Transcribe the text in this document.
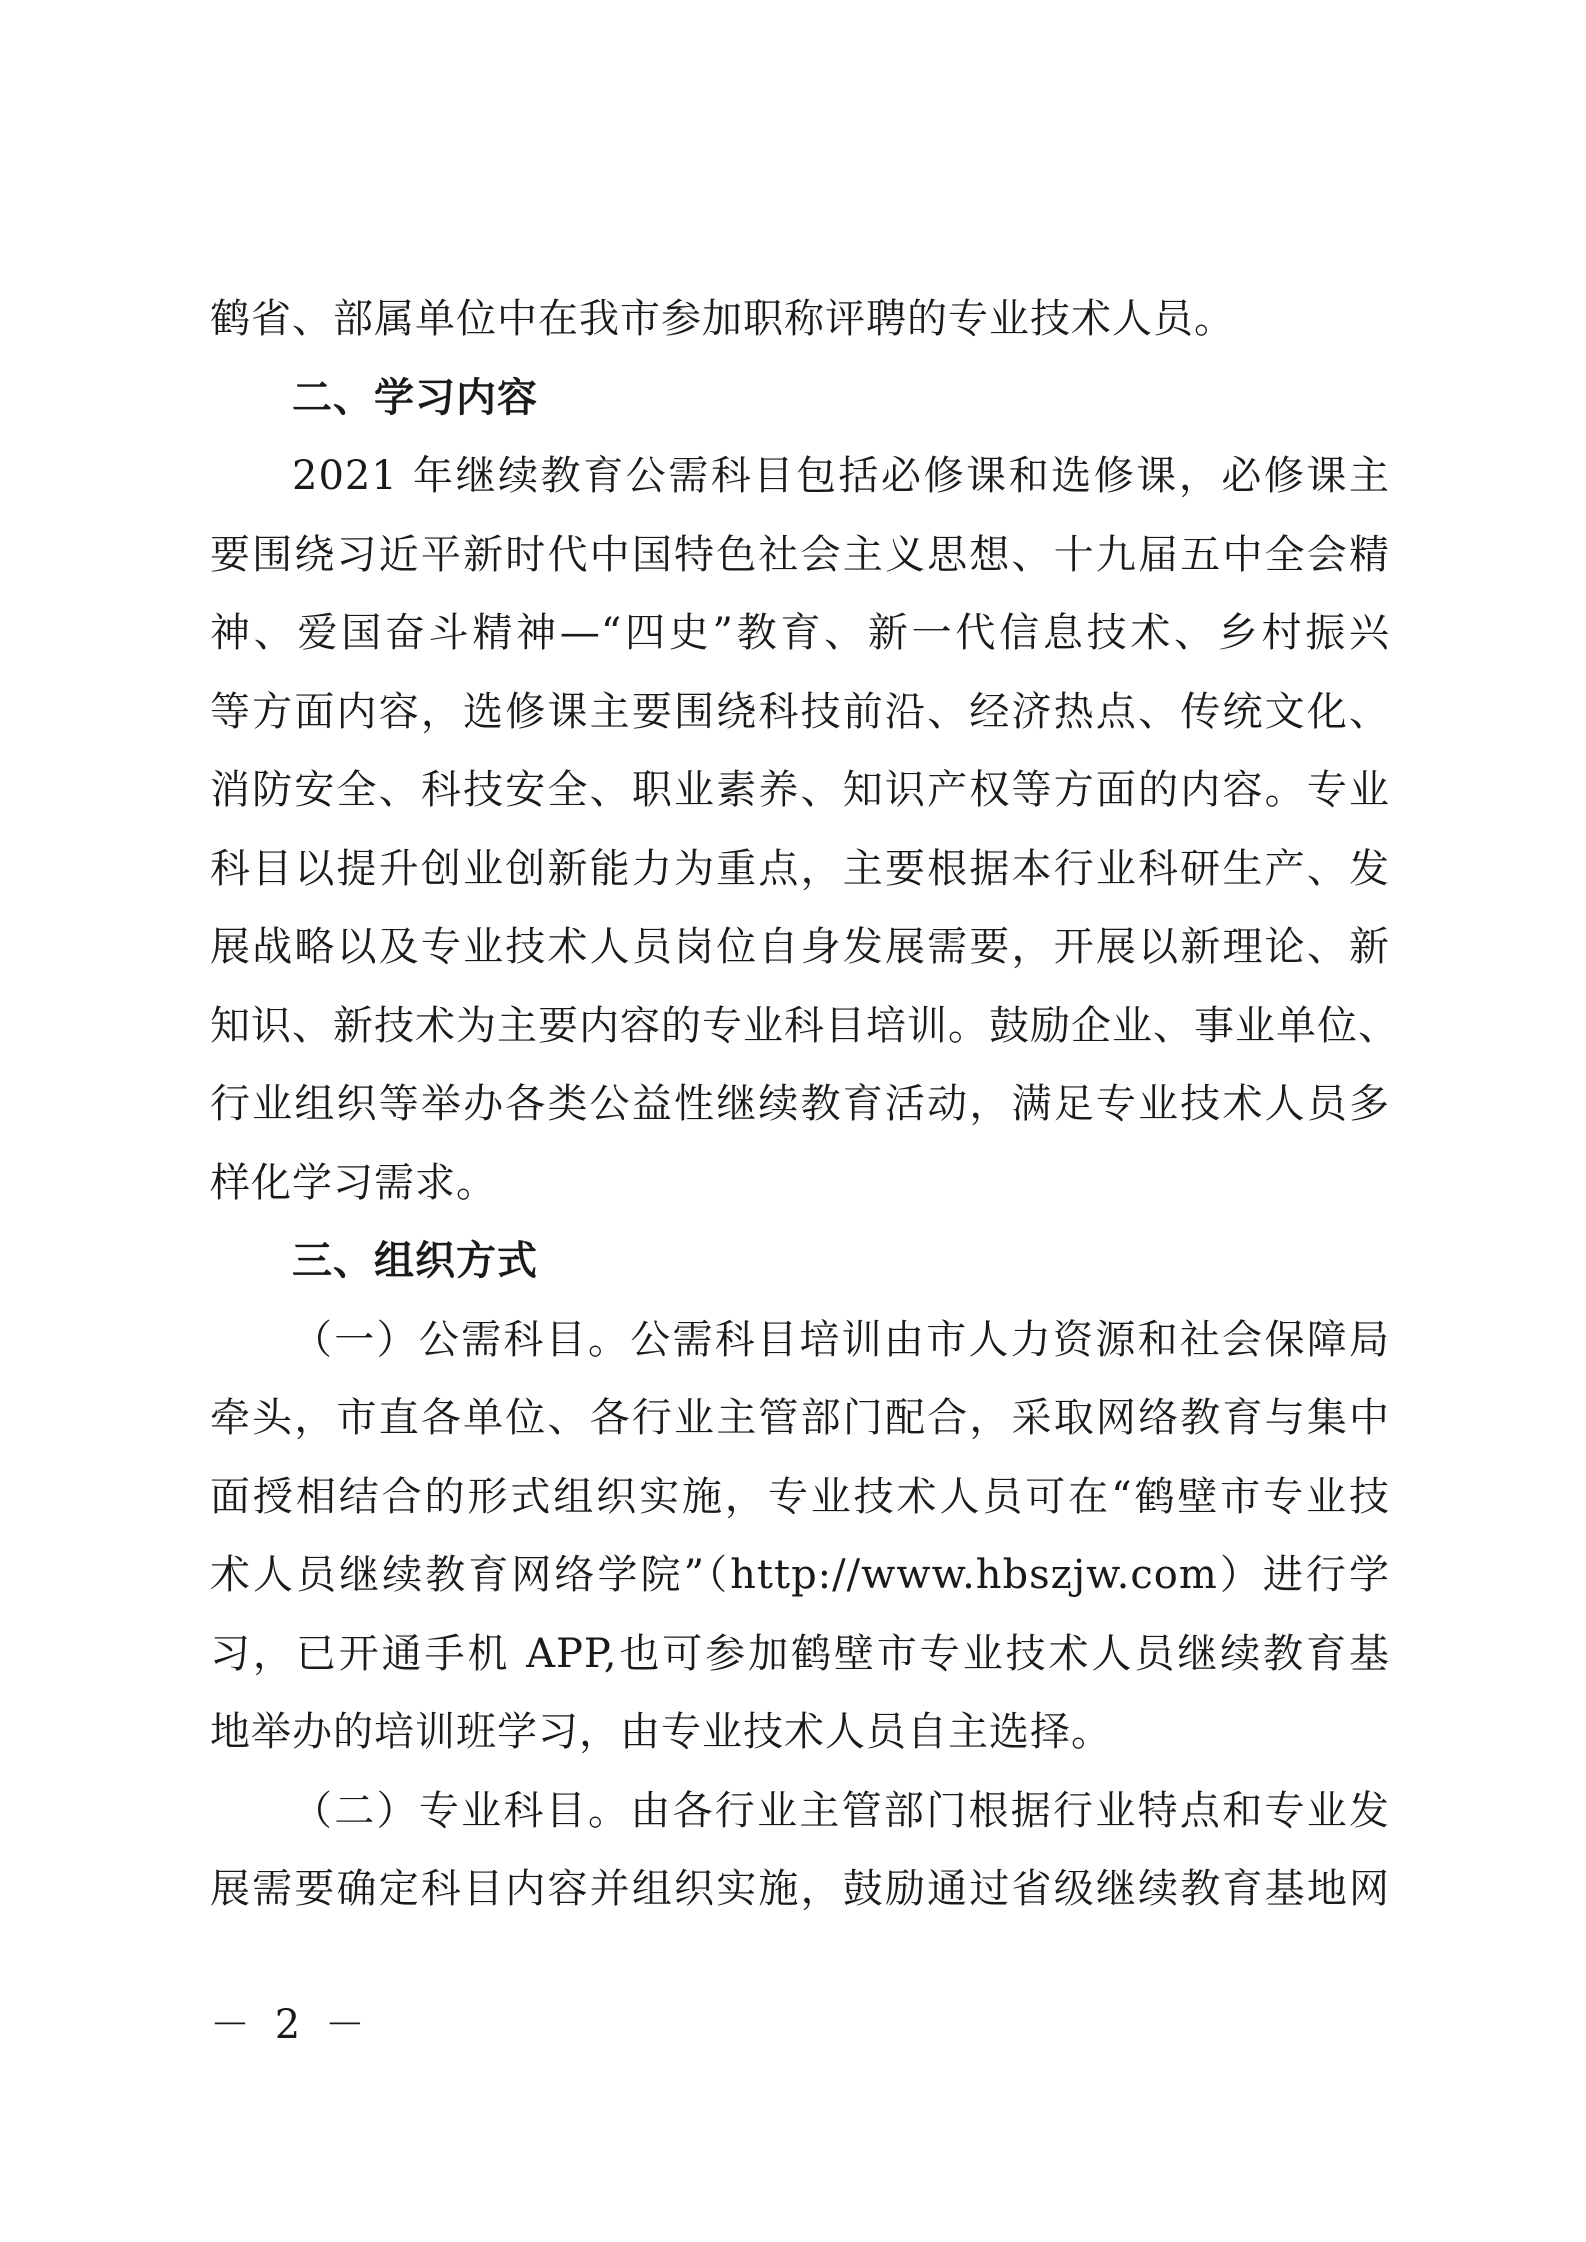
鹤省、部属单位中在我市参加职称评聘的专业技术人员。
二、学习内容
2021 年继续教育公需科目包括必修课和选修课，必修课主
要围绕习近平新时代中国特色社会主义思想、十九届五中全会精
神、爱国奋斗精神—“四史”教育、新一代信息技术、乡村振兴
等方面内容，选修课主要围绕科技前沿、经济热点、传统文化、
消防安全、科技安全、职业素养、知识产权等方面的内容。专业
科目以提升创业创新能力为重点，主要根据本行业科研生产、发
展战略以及专业技术人员岗位自身发展需要，开展以新理论、新
知识、新技术为主要内容的专业科目培训。鼓励企业、事业单位、
行业组织等举办各类公益性继续教育活动，满足专业技术人员多
样化学习需求。
三、组织方式
（一）公需科目。公需科目培训由市人力资源和社会保障局
牵头，市直各单位、各行业主管部门配合，采取网络教育与集中
面授相结合的形式组织实施，专业技术人员可在“鹤壁市专业技
术人员继续教育网络学院”（http://www.hbszjw.com）进行学
习，已开通手机 APP,也可参加鹤壁市专业技术人员继续教育基
地举办的培训班学习，由专业技术人员自主选择。
（二）专业科目。由各行业主管部门根据行业特点和专业发
展需要确定科目内容并组织实施，鼓励通过省级继续教育基地网
－ 2 －
